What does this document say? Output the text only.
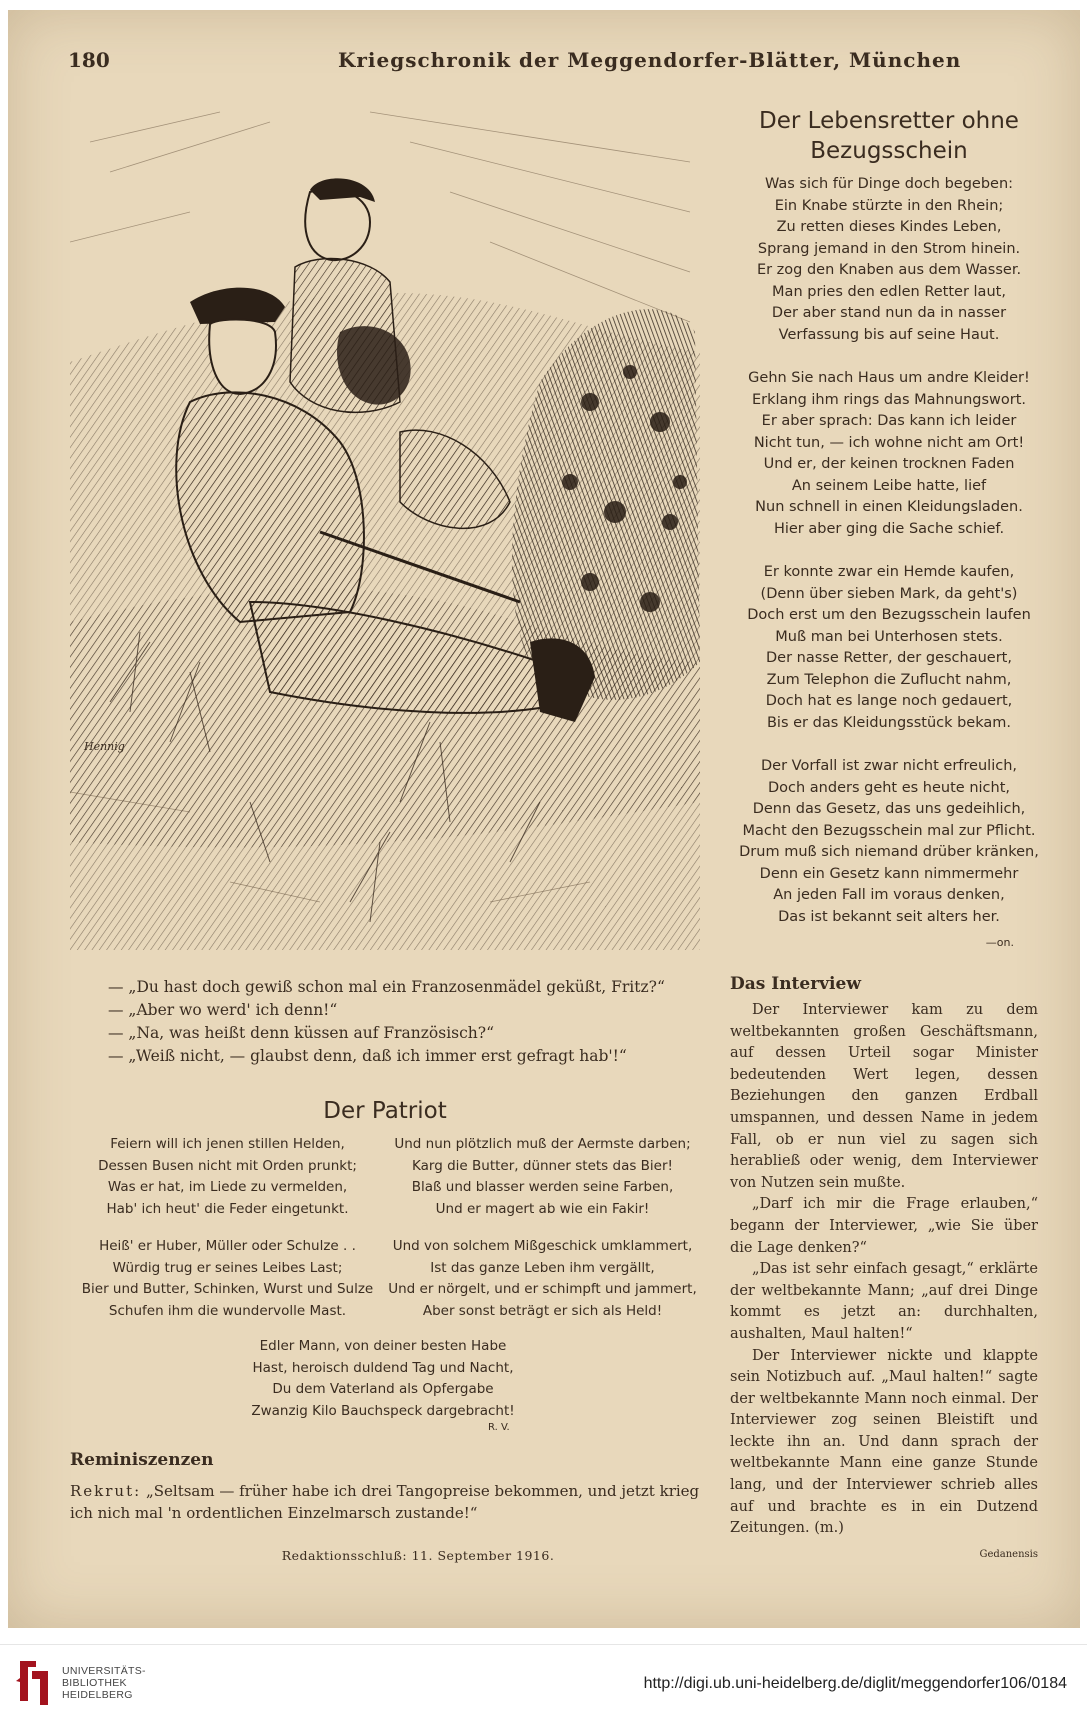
180	Kriegschronik der Meggendorfer-Blätter, München
Hennig
Der Lebensretter ohne
Bezugsschein
Was sich für Dinge doch begeben:
Ein Knabe stürzte in den Rhein;
Zu retten dieses Kindes Leben,
Sprang jemand in den Strom hinein.
Er zog den Knaben aus dem Wasser.
Man pries den edlen Retter laut,
Der aber stand nun da in nasser
Verfassung bis auf seine Haut.
Gehn Sie nach Haus um andre Kleider!
Erklang ihm rings das Mahnungswort.
Er aber sprach: Das kann ich leider
Nicht tun, — ich wohne nicht am Ort!
Und er, der keinen trocknen Faden
An seinem Leibe hatte, lief
Nun schnell in einen Kleidungsladen.
Hier aber ging die Sache schief.
Er konnte zwar ein Hemde kaufen,
(Denn über sieben Mark, da geht's)
Doch erst um den Bezugsschein laufen
Muß man bei Unterhosen stets.
Der nasse Retter, der geschauert,
Zum Telephon die Zuflucht nahm,
Doch hat es lange noch gedauert,
Bis er das Kleidungsstück bekam.
Der Vorfall ist zwar nicht erfreulich,
Doch anders geht es heute nicht,
Denn das Gesetz, das uns gedeihlich,
Macht den Bezugsschein mal zur Pflicht.
Drum muß sich niemand drüber kränken,
Denn ein Gesetz kann nimmermehr
An jeden Fall im voraus denken,
Das ist bekannt seit alters her.
—on.
— „Du hast doch gewiß schon mal ein Franzosenmädel geküßt, Fritz?“
— „Aber wo werd' ich denn!“
— „Na, was heißt denn küssen auf Französisch?“
— „Weiß nicht, — glaubst denn, daß ich immer erst gefragt hab'!“
Der Patriot
Feiern will ich jenen stillen Helden,
Dessen Busen nicht mit Orden prunkt;
Was er hat, im Liede zu vermelden,
Hab' ich heut' die Feder eingetunkt.
Heiß' er Huber, Müller oder Schulze . .
Würdig trug er seines Leibes Last;
Bier und Butter, Schinken, Wurst und Sulze
Schufen ihm die wundervolle Mast.
Und nun plötzlich muß der Aermste darben;
Karg die Butter, dünner stets das Bier!
Blaß und blasser werden seine Farben,
Und er magert ab wie ein Fakir!
Und von solchem Mißgeschick umklammert,
Ist das ganze Leben ihm vergällt,
Und er nörgelt, und er schimpft und jammert,
Aber sonst beträgt er sich als Held!
Edler Mann, von deiner besten Habe
Hast, heroisch duldend Tag und Nacht,
Du dem Vaterland als Opfergabe
Zwanzig Kilo Bauchspeck dargebracht!
R. V.
Reminiszenzen
Rekrut: „Seltsam — früher habe ich drei Tangopreise bekommen, und jetzt krieg ich nich mal 'n ordentlichen Einzelmarsch zustande!“
Das Interview

Der Interviewer kam zu dem weltbekannten großen Geschäftsmann, auf dessen Urteil sogar Minister bedeutenden Wert legen, dessen Beziehungen den ganzen Erdball umspannen, und dessen Name in jedem Fall, ob er nun viel zu sagen sich herabließ oder wenig, dem Interviewer von Nutzen sein mußte.

„Darf ich mir die Frage erlauben,“ begann der Interviewer, „wie Sie über die Lage denken?“

„Das ist sehr einfach gesagt,“ erklärte der weltbekannte Mann; „auf drei Dinge kommt es jetzt an: durchhalten, aushalten, Maul halten!“

Der Interviewer nickte und klappte sein Notizbuch auf. „Maul halten!“ sagte der weltbekannte Mann noch einmal. Der Interviewer zog seinen Bleistift und leckte ihn an. Und dann sprach der weltbekannte Mann eine ganze Stunde lang, und der Interviewer schrieb alles auf und brachte es in ein Dutzend Zeitungen. (m.)

Gedanensis
Redaktionsschluß: 11. September 1916.
UNIVERSITÄTS-
BIBLIOTHEK
HEIDELBERG
http://digi.ub.uni-heidelberg.de/diglit/meggendorfer106/0184
